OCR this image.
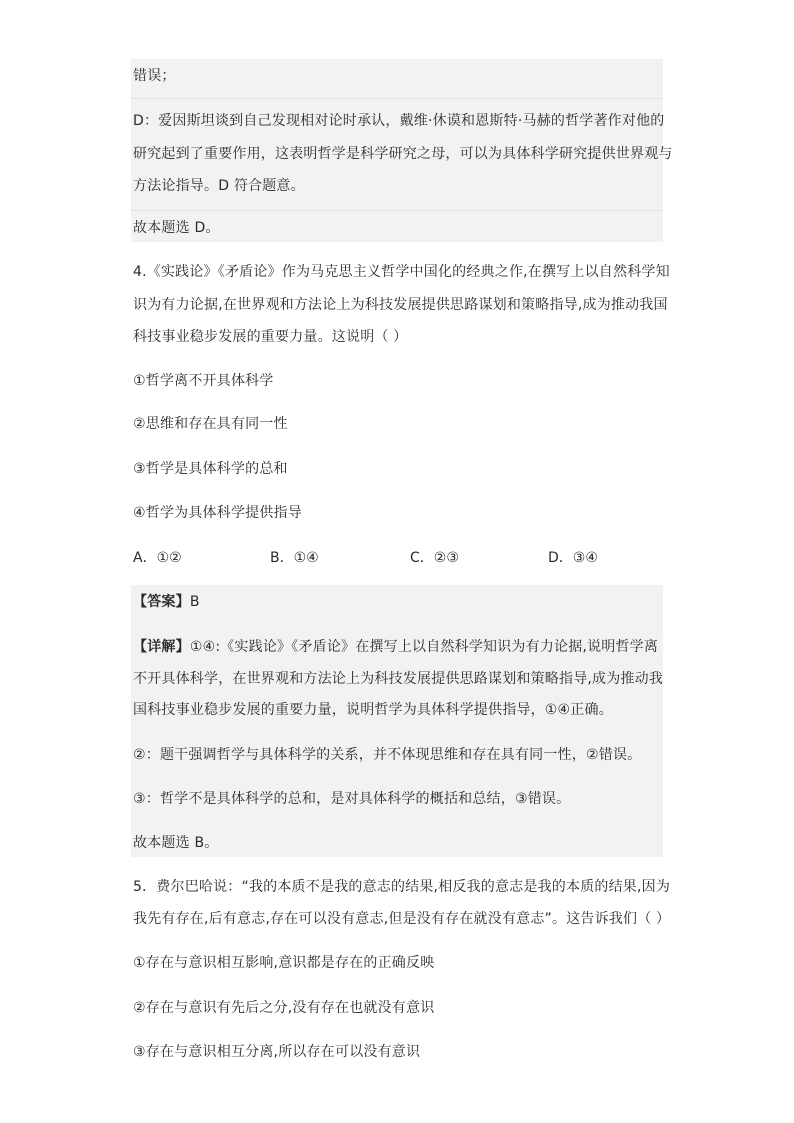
错误；
D：爱因斯坦谈到自己发现相对论时承认，戴维·休谟和恩斯特·马赫的哲学著作对他的
研究起到了重要作用，这表明哲学是科学研究之母，可以为具体科学研究提供世界观与
方法论指导。D 符合题意。
故本题选 D。
4.《实践论》《矛盾论》作为马克思主义哲学中国化的经典之作,在撰写上以自然科学知
识为有力论据,在世界观和方法论上为科技发展提供思路谋划和策略指导,成为推动我国
科技事业稳步发展的重要力量。这说明（ ）
①哲学离不开具体科学
②思维和存在具有同一性
③哲学是具体科学的总和
④哲学为具体科学提供指导
A．①②	B．①④	C．②③	D．③④
【答案】B
【详解】①④:《实践论》《矛盾论》在撰写上以自然科学知识为有力论据,说明哲学离
不开具体科学，在世界观和方法论上为科技发展提供思路谋划和策略指导,成为推动我
国科技事业稳步发展的重要力量，说明哲学为具体科学提供指导，①④正确。
②：题干强调哲学与具体科学的关系，并不体现思维和存在具有同一性，②错误。
③：哲学不是具体科学的总和，是对具体科学的概括和总结，③错误。
故本题选 B。
5．费尔巴哈说：“我的本质不是我的意志的结果,相反我的意志是我的本质的结果,因为
我先有存在,后有意志,存在可以没有意志,但是没有存在就没有意志”。这告诉我们（ ）
①存在与意识相互影响,意识都是存在的正确反映
②存在与意识有先后之分,没有存在也就没有意识
③存在与意识相互分离,所以存在可以没有意识
